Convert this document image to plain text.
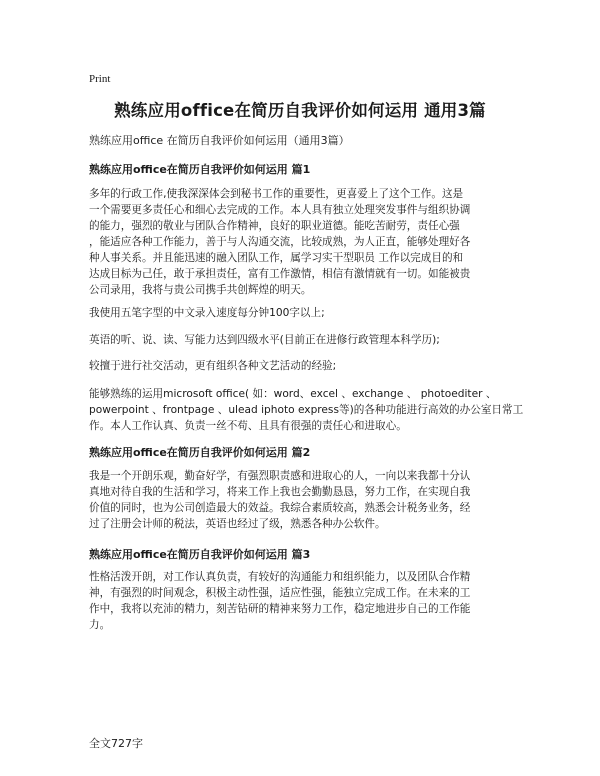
Print
熟练应用office在简历自我评价如何运用 通用3篇
熟练应用office 在简历自我评价如何运用（通用3篇）
熟练应用office在简历自我评价如何运用 篇1
多年的行政工作,使我深深体会到秘书工作的重要性，更喜爱上了这个工作。这是
一个需要更多责任心和细心去完成的工作。本人具有独立处理突发事件与组织协调
的能力，强烈的敬业与团队合作精神，良好的职业道德。能吃苦耐劳，责任心强
，能适应各种工作能力，善于与人沟通交流，比较成熟，为人正直，能够处理好各
种人事关系。并且能迅速的融入团队工作，属学习实干型职员 工作以完成目的和
达成目标为己任，敢于承担责任，富有工作激情，相信有激情就有一切。如能被贵
公司录用，我将与贵公司携手共创辉煌的明天。
我使用五笔字型的中文录入速度每分钟100字以上;
英语的听、说、读、写能力达到四级水平(目前正在进修行政管理本科学历);
较擅于进行社交活动，更有组织各种文艺活动的经验;
能够熟练的运用microsoft office( 如：word、excel 、exchange 、 photoediter 、
powerpoint 、frontpage 、ulead iphoto express等)的各种功能进行高效的办公室日常工
作。本人工作认真、负责一丝不苟、且具有很强的责任心和进取心。
熟练应用office在简历自我评价如何运用 篇2
我是一个开朗乐观，勤奋好学，有强烈职责感和进取心的人，一向以来我都十分认
真地对待自我的生活和学习，将来工作上我也会勤勤恳恳，努力工作，在实现自我
价值的同时，也为公司创造最大的效益。我综合素质较高，熟悉会计税务业务，经
过了注册会计师的税法，英语也经过了级，熟悉各种办公软件。
熟练应用office在简历自我评价如何运用 篇3
性格活泼开朗，对工作认真负责，有较好的沟通能力和组织能力，以及团队合作精
神，有强烈的时间观念，积极主动性强，适应性强，能独立完成工作。在未来的工
作中，我将以充沛的精力，刻苦钻研的精神来努力工作，稳定地进步自己的工作能
力。
全文727字
